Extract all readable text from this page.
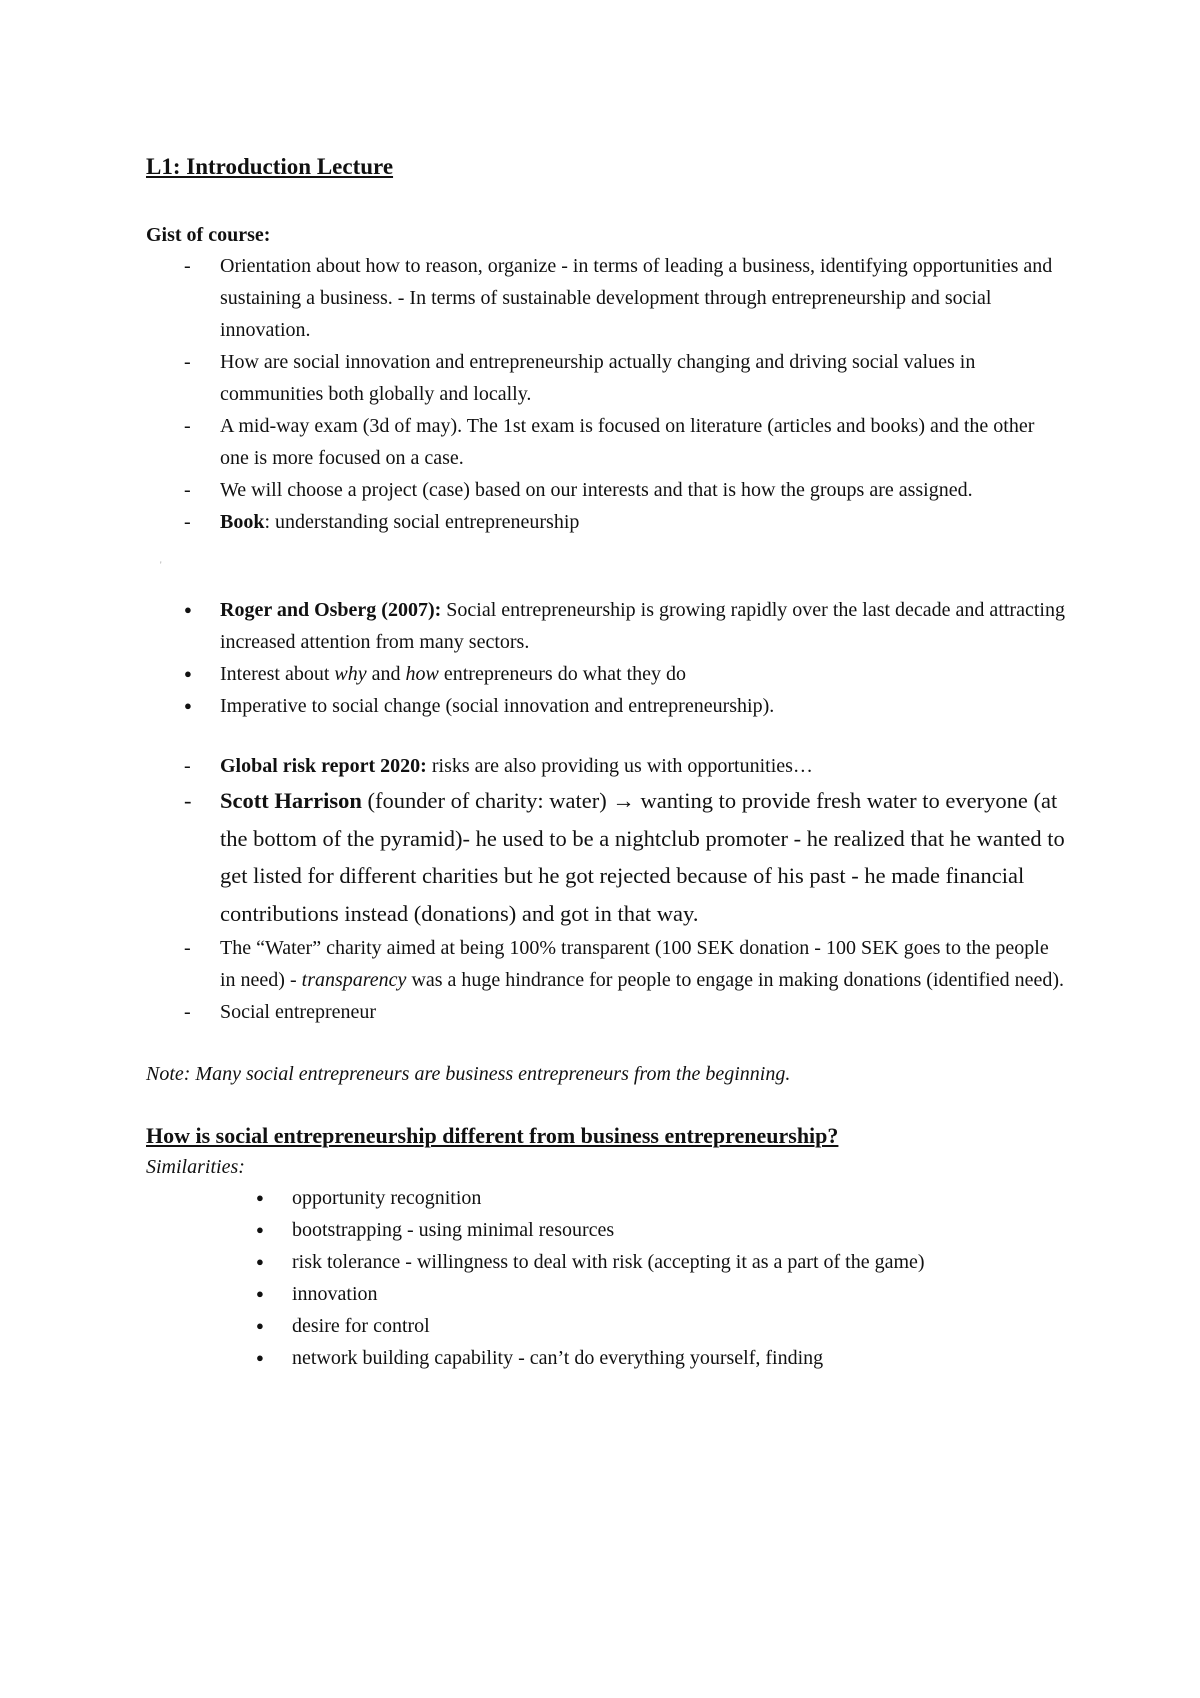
L1: Introduction Lecture
Gist of course:
- Orientation about how to reason, organize - in terms of leading a business, identifying opportunities and sustaining a business. - In terms of sustainable development through entrepreneurship and social innovation.
- How are social innovation and entrepreneurship actually changing and driving social values in communities both globally and locally.
- A mid-way exam (3d of may). The 1st exam is focused on literature (articles and books) and the other one is more focused on a case.
- We will choose a project (case) based on our interests and that is how the groups are assigned.
- Book: understanding social entrepreneurship
'
● Roger and Osberg (2007): Social entrepreneurship is growing rapidly over the last decade and attracting increased attention from many sectors.
● Interest about why and how entrepreneurs do what they do
● Imperative to social change (social innovation and entrepreneurship).
- Global risk report 2020: risks are also providing us with opportunities…
- Scott Harrison (founder of charity: water) → wanting to provide fresh water to everyone (at the bottom of the pyramid)- he used to be a nightclub promoter - he realized that he wanted to get listed for different charities but he got rejected because of his past - he made financial contributions instead (donations) and got in that way.
- The “Water” charity aimed at being 100% transparent (100 SEK donation - 100 SEK goes to the people in need) - transparency was a huge hindrance for people to engage in making donations (identified need).
- Social entrepreneur
Note: Many social entrepreneurs are business entrepreneurs from the beginning.
How is social entrepreneurship different from business entrepreneurship?
Similarities:
● opportunity recognition
● bootstrapping - using minimal resources
● risk tolerance - willingness to deal with risk (accepting it as a part of the game)
● innovation
● desire for control
● network building capability - can’t do everything yourself, finding
